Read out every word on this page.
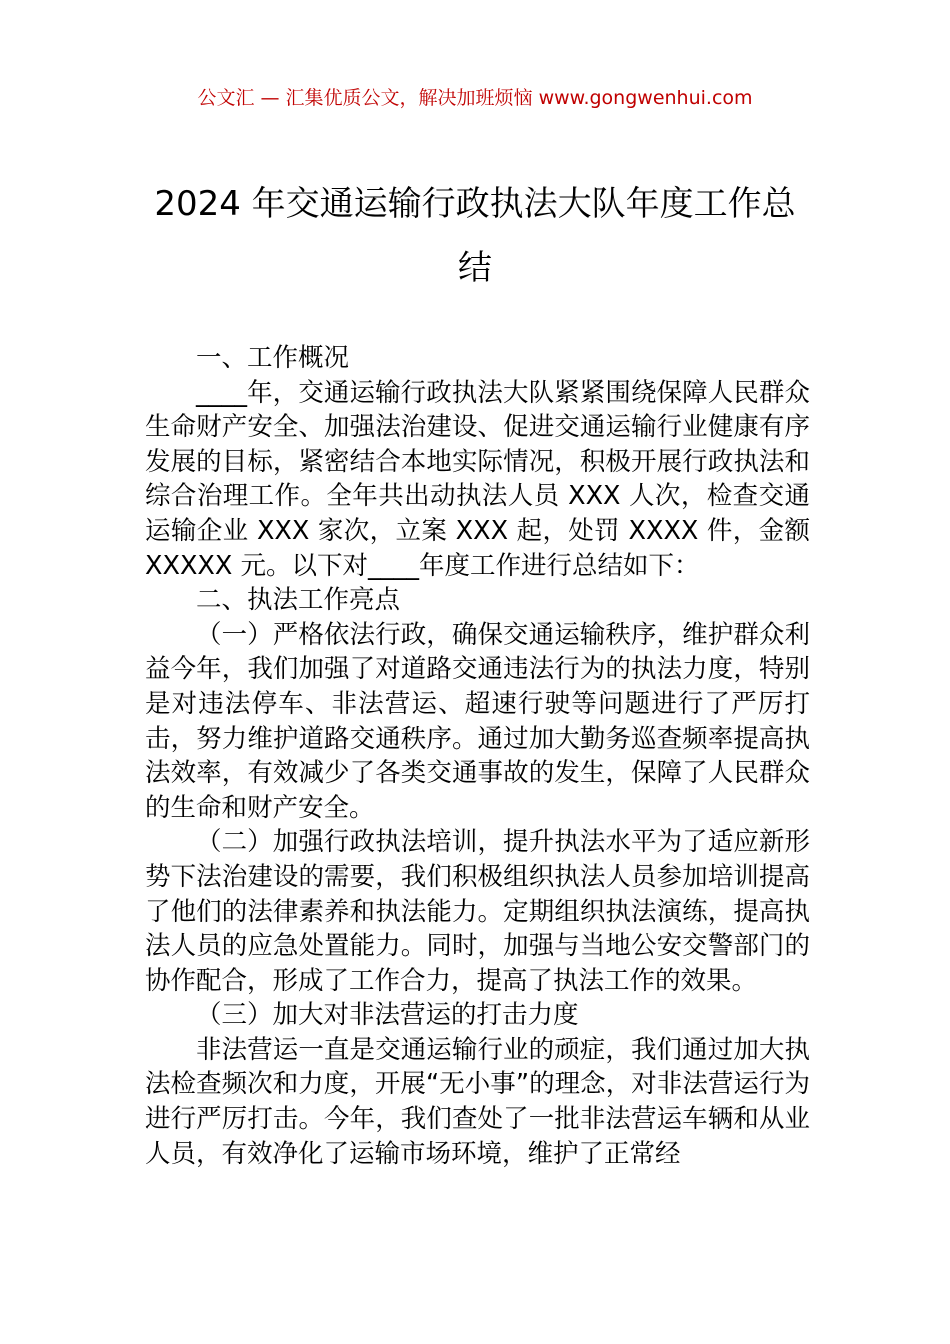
公文汇 — 汇集优质公文，解决加班烦恼 www.gongwenhui.com
2024 年交通运输行政执法大队年度工作总
结

一、工作概况

____年，交通运输行政执法大队紧紧围绕保障人民群众生命财产安全、加强法治建设、促进交通运输行业健康有序发展的目标，紧密结合本地实际情况，积极开展行政执法和综合治理工作。全年共出动执法人员 XXX 人次，检查交通运输企业 XXX 家次，立案 XXX 起，处罚 XXXX 件，金额 XXXXX 元。以下对____年度工作进行总结如下：

二、执法工作亮点

（一）严格依法行政，确保交通运输秩序，维护群众利益今年，我们加强了对道路交通违法行为的执法力度，特别是对违法停车、非法营运、超速行驶等问题进行了严厉打击，努力维护道路交通秩序。通过加大勤务巡查频率提高执法效率，有效减少了各类交通事故的发生，保障了人民群众的生命和财产安全。

（二）加强行政执法培训，提升执法水平为了适应新形势下法治建设的需要，我们积极组织执法人员参加培训提高了他们的法律素养和执法能力。定期组织执法演练，提高执法人员的应急处置能力。同时，加强与当地公安交警部门的协作配合，形成了工作合力，提高了执法工作的效果。

（三）加大对非法营运的打击力度

非法营运一直是交通运输行业的顽症，我们通过加大执法检查频次和力度，开展“无小事”的理念，对非法营运行为进行严厉打击。今年，我们查处了一批非法营运车辆和从业人员，有效净化了运输市场环境，维护了正常经
